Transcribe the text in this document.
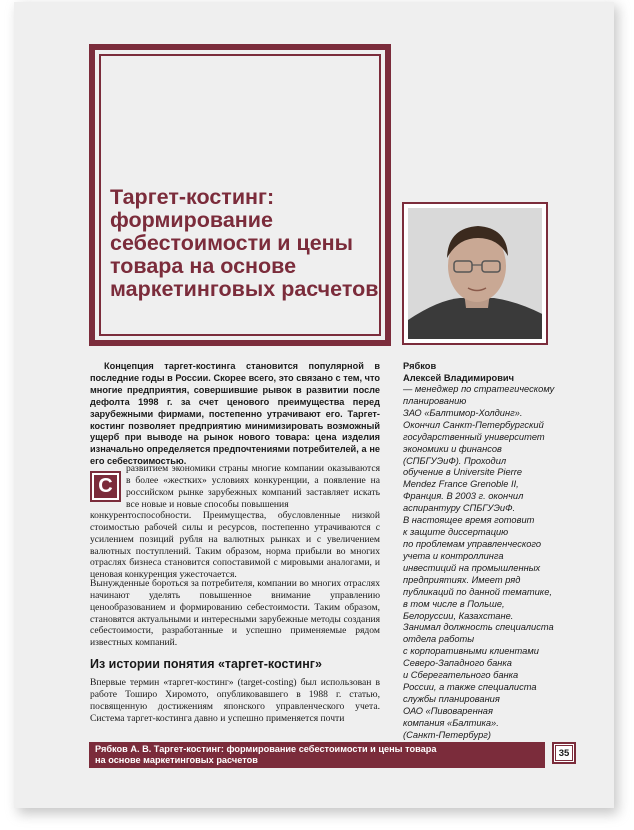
Таргет-костинг: формирование себестоимости и цены товара на основе маркетинговых расчетов

Концепция таргет-костинга становится популярной в последние годы в России. Скорее всего, это связано с тем, что многие предприятия, совершившие рывок в развитии после дефолта 1998 г. за счет ценового преимущества перед зарубежными фирмами, постепенно утрачивают его. Таргет-костинг позволяет предприятию минимизировать возможный ущерб при выводе на рынок нового товара: цена изделия изначально определяется предпочтениями потребителей, а не его себестоимостью.

С

развитием экономики страны многие компании оказываются в более «жестких» условиях конкуренции, а появление на российском рынке зарубежных компаний заставляет искать все новые и новые способы повышения

конкурентоспособности. Преимущества, обусловленные низкой стоимостью рабочей силы и ресурсов, постепенно утрачиваются с усилением позиций рубля на валютных рынках и с увеличением валютных поступлений. Таким образом, норма прибыли во многих отраслях бизнеса становится сопоставимой с мировыми аналогами, и ценовая конкуренция ужесточается.

Вынужденные бороться за потребителя, компании во многих отраслях начинают уделять повышенное внимание управлению ценообразованием и формированию себестоимости. Таким образом, становятся актуальными и интересными зарубежные методы создания себестоимости, разработанные и успешно применяемые рядом известных компаний.

Из истории понятия «таргет-костинг»

Впервые термин «таргет-костинг» (target-costing) был использован в работе Тоширо Хиромото, опубликовавшего в 1988 г. статью, посвященную достижениям японского управленческого учета. Система таргет-костинга давно и успешно применяется почти

Рябков
Алексей Владимирович

— менеджер по стратегическому
планированию
ЗАО «Балтимор-Холдинг».
Окончил Санкт-Петербургский
государственный университет
экономики и финансов
(СПБГУЭиФ). Проходил
обучение в Universite Pierre
Mendez France Grenoble II,
Франция. В 2003 г. окончил
аспирантуру СПБГУЭиФ.
В настоящее время готовит
к защите диссертацию
по проблемам управленческого
учета и контроллинга
инвестиций на промышленных
предприятиях. Имеет ряд
публикаций по данной тематике,
в том числе в Польше,
Белоруссии, Казахстане.
Занимал должность специалиста
отдела работы
с корпоративными клиентами
Северо-Западного банка
и Сберегательного банка
России, а также специалиста
службы планирования
ОАО «Пивоваренная
компания «Балтика».
(Санкт-Петербург)

Рябков А. В. Таргет-костинг: формирование себестоимости и цены товара
на основе маркетинговых расчетов
35
